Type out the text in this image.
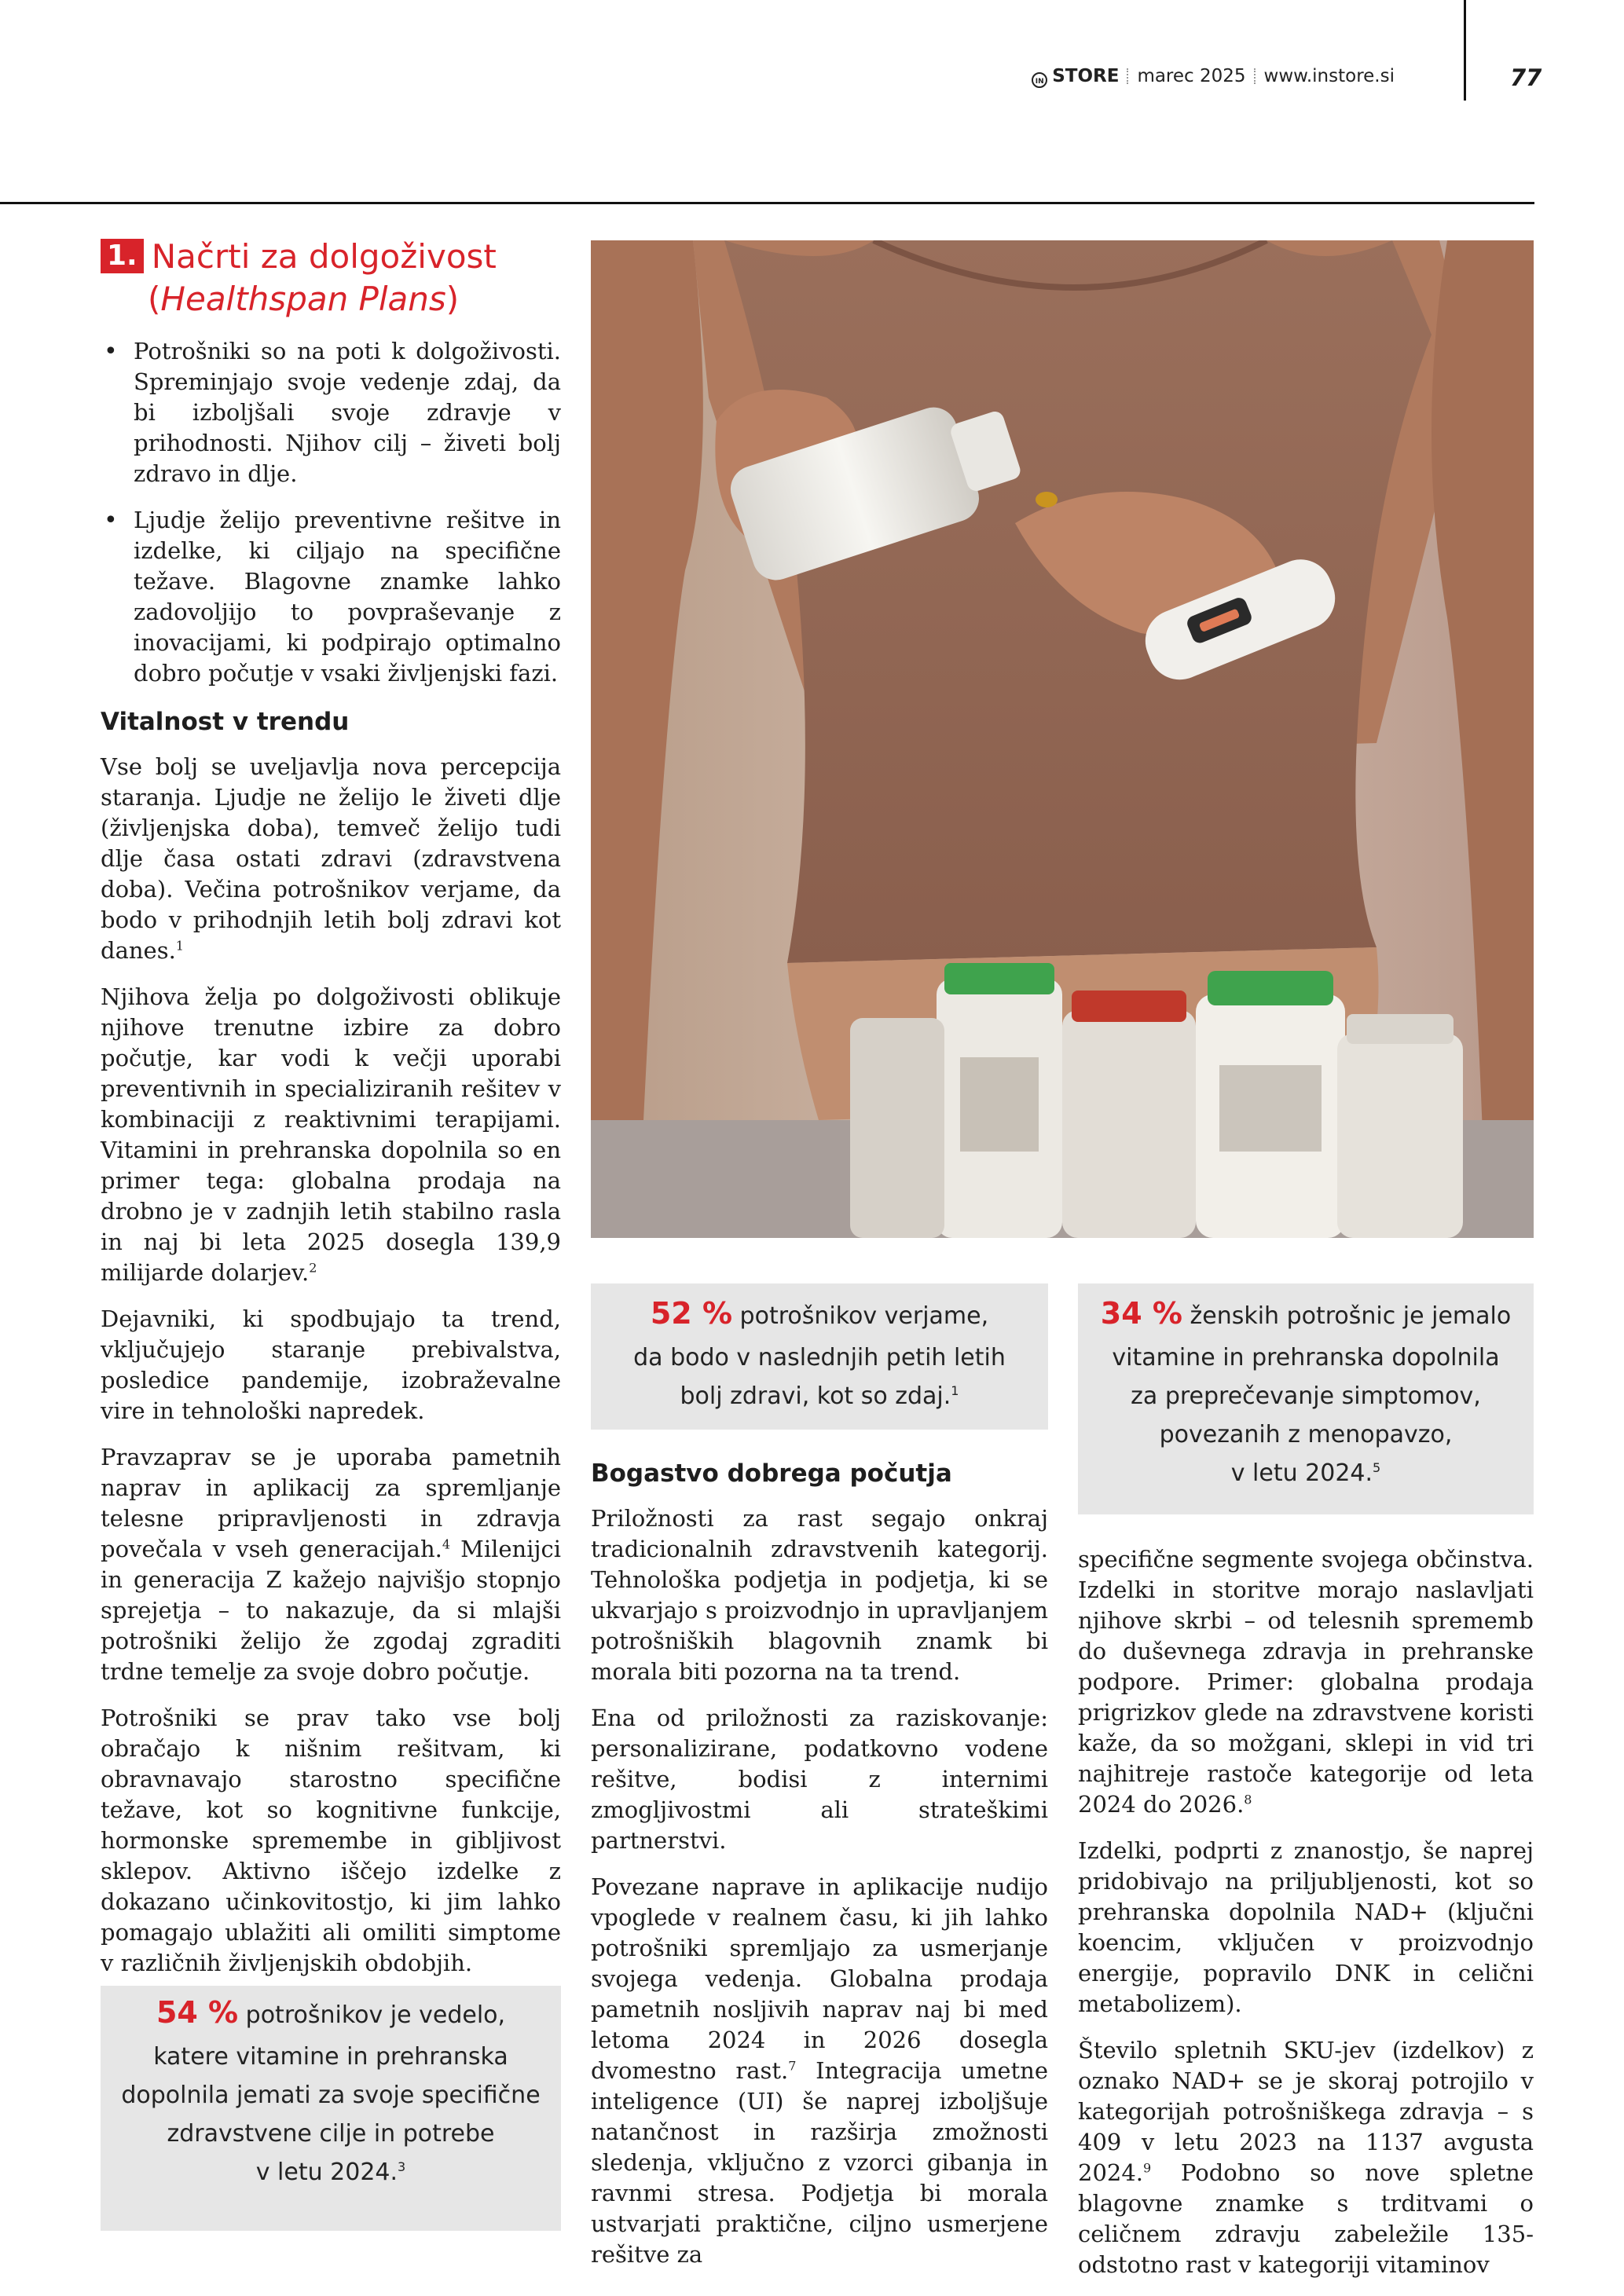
IN STORE marec 2025 www.instore.si	77
1. Načrti za dolgoživost
(Healthspan Plans)
• Potrošniki so na poti k dolgoživosti. Spreminjajo svoje vedenje zdaj, da bi izboljšali svoje zdravje v prihodnosti. Njihov cilj – živeti bolj zdravo in dlje.
• Ljudje želijo preventivne rešitve in izdelke, ki ciljajo na specifične težave. Blagovne znamke lahko zadovoljijo to povpraševanje z inovacijami, ki podpirajo optimalno dobro počutje v vsaki življenjski fazi.
Vitalnost v trendu

Vse bolj se uveljavlja nova percepcija staranja. Ljudje ne želijo le živeti dlje (življenjska doba), temveč želijo tudi dlje časa ostati zdravi (zdravstvena doba). Večina potrošnikov verjame, da bodo v prihodnjih letih bolj zdravi kot danes.$^1$

Njihova želja po dolgoživosti oblikuje njihove trenutne izbire za dobro počutje, kar vodi k večji uporabi preventivnih in specializiranih rešitev v kombinaciji z reaktivnimi terapijami. Vitamini in prehranska dopolnila so en primer tega: globalna prodaja na drobno je v zadnjih letih stabilno rasla in naj bi leta 2025 dosegla 139,9 milijarde dolarjev.$^2$

Dejavniki, ki spodbujajo ta trend, vključujejo staranje prebivalstva, posledice pandemije, izobraževalne vire in tehnološki napredek.

Pravzaprav se je uporaba pametnih naprav in aplikacij za spremljanje telesne pripravljenosti in zdravja povečala v vseh generacijah.$^4$ Milenijci in generacija Z kažejo najvišjo stopnjo sprejetja – to nakazuje, da si mlajši potrošniki želijo že zgodaj zgraditi trdne temelje za svoje dobro počutje.

Potrošniki se prav tako vse bolj obračajo k nišnim rešitvam, ki obravnavajo starostno specifične težave, kot so kognitivne funkcije, hormonske spremembe in gibljivost sklepov. Aktivno iščejo izdelke z dokazano učinkovitostjo, ki jim lahko pomagajo ublažiti ali omiliti simptome v različnih življenjskih obdobjih.

54 % potrošnikov je vedelo,
katere vitamine in prehranska
dopolnila jemati za svoje specifične
zdravstvene cilje in potrebe
v letu 2024.$^3$
52 % potrošnikov verjame,
da bodo v naslednjih petih letih
bolj zdravi, kot so zdaj.$^1$
34 % ženskih potrošnic je jemalo
vitamine in prehranska dopolnila
za preprečevanje simptomov,
povezanih z menopavzo,
v letu 2024.$^5$
Bogastvo dobrega počutja

Priložnosti za rast segajo onkraj tradicionalnih zdravstvenih kategorij. Tehnološka podjetja in podjetja, ki se ukvarjajo s proizvodnjo in upravljanjem potrošniških blagovnih znamk bi morala biti pozorna na ta trend.

Ena od priložnosti za raziskovanje: personalizirane, podatkovno vodene rešitve, bodisi z internimi zmogljivostmi ali strateškimi partnerstvi.

Povezane naprave in aplikacije nudijo vpoglede v realnem času, ki jih lahko potrošniki spremljajo za usmerjanje svojega vedenja. Globalna prodaja pametnih nosljivih naprav naj bi med letoma 2024 in 2026 dosegla dvomestno rast.$^7$ Integracija umetne inteligence (UI) še naprej izboljšuje natančnost in razširja zmožnosti sledenja, vključno z vzorci gibanja in ravnmi stresa. Podjetja bi morala ustvarjati praktične, ciljno usmerjene rešitve za

specifične segmente svojega občinstva. Izdelki in storitve morajo naslavljati njihove skrbi – od telesnih sprememb do duševnega zdravja in prehranske podpore. Primer: globalna prodaja prigrizkov glede na zdravstvene koristi kaže, da so možgani, sklepi in vid tri najhitreje rastoče kategorije od leta 2024 do 2026.$^8$

Izdelki, podprti z znanostjo, še naprej pridobivajo na priljubljenosti, kot so prehranska dopolnila NAD+ (ključni koencim, vključen v proizvodnjo energije, popravilo DNK in celični metabolizem).

Število spletnih SKU-jev (izdelkov) z oznako NAD+ se je skoraj potrojilo v kategorijah potrošniškega zdravja – s 409 v letu 2023 na 1137 avgusta 2024.$^9$ Podobno so nove spletne blagovne znamke s trditvami o celičnem zdravju zabeležile 135-odstotno rast v kategoriji vitaminov
